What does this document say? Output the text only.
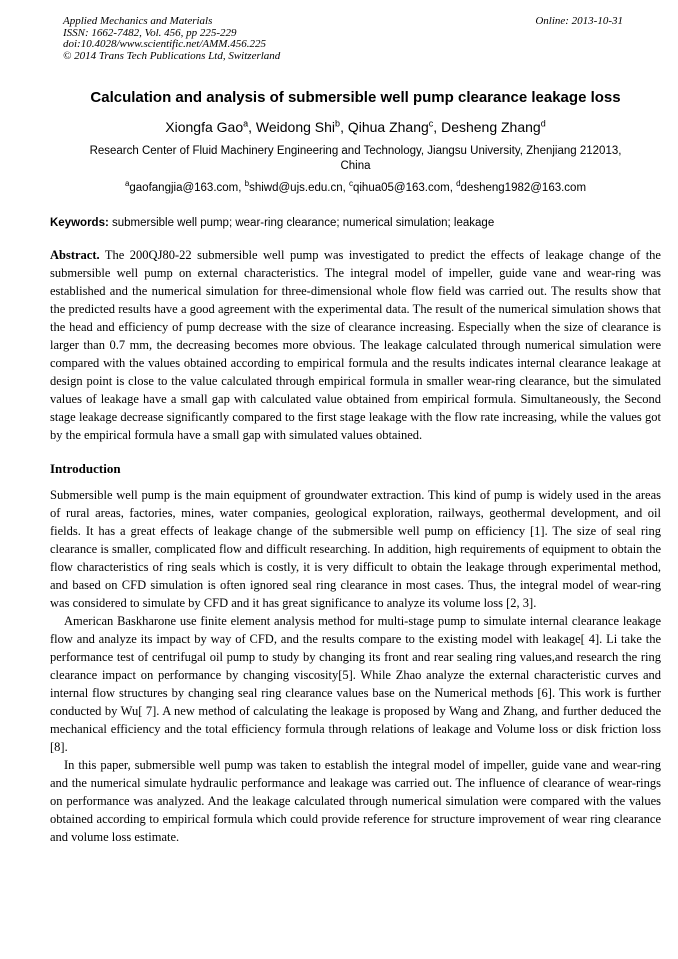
Applied Mechanics and Materials
ISSN: 1662-7482, Vol. 456, pp 225-229
doi:10.4028/www.scientific.net/AMM.456.225
© 2014 Trans Tech Publications Ltd, Switzerland
Online: 2013-10-31
Calculation and analysis of submersible well pump clearance leakage loss

Xiongfa Gao$^a$, Weidong Shi$^b$, Qihua Zhang$^c$, Desheng Zhang$^d$

Research Center of Fluid Machinery Engineering and Technology, Jiangsu University, Zhenjiang 212013, China

$^a$gaofangjia@163.com, $^b$shiwd@ujs.edu.cn, $^c$qihua05@163.com, $^d$desheng1982@163.com

Keywords: submersible well pump; wear-ring clearance; numerical simulation; leakage

Abstract. The 200QJ80-22 submersible well pump was investigated to predict the effects of leakage change of the submersible well pump on external characteristics. The integral model of impeller, guide vane and wear-ring was established and the numerical simulation for three-dimensional whole flow field was carried out. The results show that the predicted results have a good agreement with the experimental data. The result of the numerical simulation shows that the head and efficiency of pump decrease with the size of clearance increasing. Especially when the size of clearance is larger than 0.7 mm, the decreasing becomes more obvious. The leakage calculated through numerical simulation were compared with the values obtained according to empirical formula and the results indicates internal clearance leakage at design point is close to the value calculated through empirical formula in smaller wear-ring clearance, but the simulated values of leakage have a small gap with calculated value obtained from empirical formula. Simultaneously, the Second stage leakage decrease significantly compared to the first stage leakage with the flow rate increasing, while the values got by the empirical formula have a small gap with simulated values obtained.

Introduction

Submersible well pump is the main equipment of groundwater extraction. This kind of pump is widely used in the areas of rural areas, factories, mines, water companies, geological exploration, railways, geothermal development, and oil fields. It has a great effects of leakage change of the submersible well pump on efficiency [1]. The size of seal ring clearance is smaller, complicated flow and difficult researching. In addition, high requirements of equipment to obtain the flow characteristics of ring seals which is costly, it is very difficult to obtain the leakage through experimental method, and based on CFD simulation is often ignored seal ring clearance in most cases. Thus, the integral model of wear-ring was considered to simulate by CFD and it has great significance to analyze its volume loss [2, 3].

American Baskharone use finite element analysis method for multi-stage pump to simulate internal clearance leakage flow and analyze its impact by way of CFD, and the results compare to the existing model with leakage[ 4]. Li take the performance test of centrifugal oil pump to study by changing its front and rear sealing ring values,and research the ring clearance impact on performance by changing viscosity[5]. While Zhao analyze the external characteristic curves and internal flow structures by changing seal ring clearance values base on the Numerical methods [6]. This work is further conducted by Wu[ 7]. A new method of calculating the leakage is proposed by Wang and Zhang, and further deduced the mechanical efficiency and the total efficiency formula through relations of leakage and Volume loss or disk friction loss [8].

In this paper, submersible well pump was taken to establish the integral model of impeller, guide vane and wear-ring and the numerical simulate hydraulic performance and leakage was carried out. The influence of clearance of wear-rings on performance was analyzed. And the leakage calculated through numerical simulation were compared with the values obtained according to empirical formula which could provide reference for structure improvement of wear ring clearance and volume loss estimate.
